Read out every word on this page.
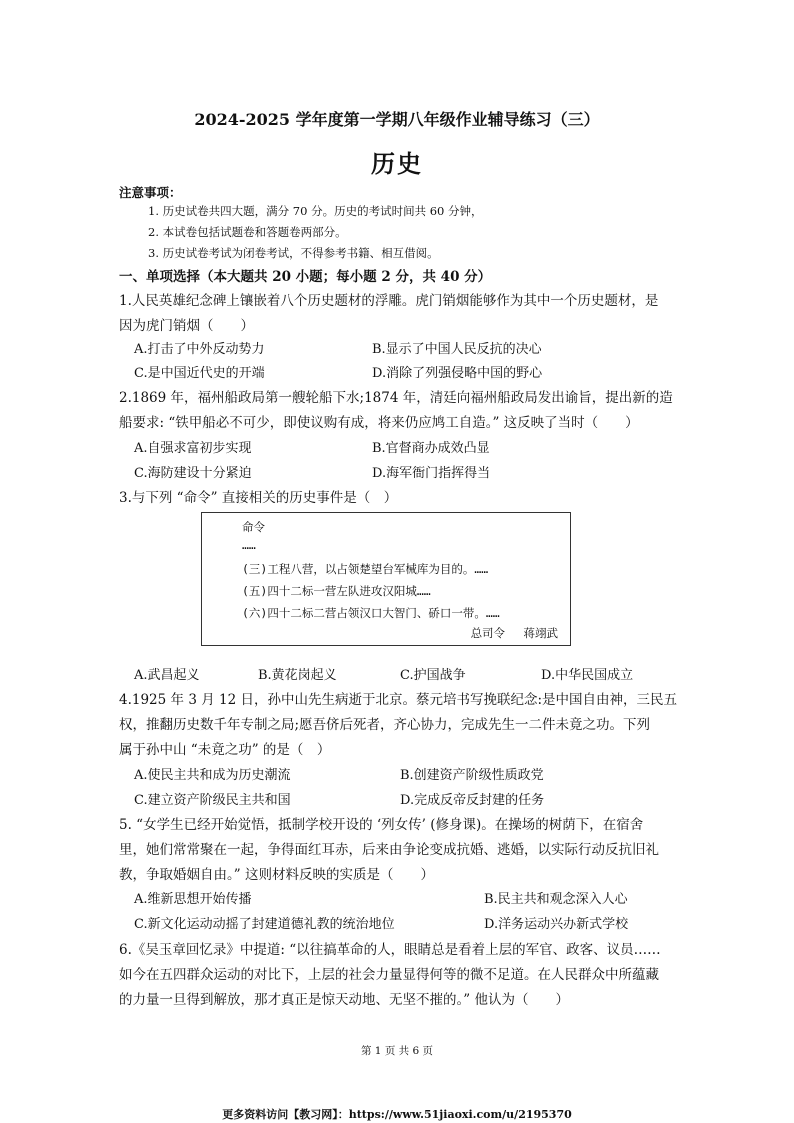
2024-2025 学年度第一学期八年级作业辅导练习（三）
历史
注意事项：
1. 历史试卷共四大题，满分 70 分。历史的考试时间共 60 分钟，
2. 本试卷包括试题卷和答题卷两部分。
3. 历史试卷考试为闭卷考试，不得参考书籍、相互借阅。
一、单项选择（本大题共 20 小题；每小题 2 分，共 40 分）
1.人民英雄纪念碑上镶嵌着八个历史题材的浮雕。虎门销烟能够作为其中一个历史题材，是
因为虎门销烟（　　）
A.打击了中外反动势力	B.显示了中国人民反抗的决心
C.是中国近代史的开端	D.消除了列强侵略中国的野心
2.1869 年，福州船政局第一艘轮船下水;1874 年，清廷向福州船政局发出谕旨，提出新的造
船要求: “铁甲船必不可少，即使议购有成，将来仍应鸠工自造。” 这反映了当时（　　）
A.自强求富初步实现	B.官督商办成效凸显
C.海防建设十分紧迫	D.海军衙门指挥得当
3.与下列 “命令” 直接相关的历史事件是（　）
命令
……
(三)工程八营，以占领楚望台军械库为目的。……
(五)四十二标一营左队进攻汉阳城……
(六)四十二标二营占领汉口大智门、硚口一带。……
总司令　 蒋翊武
A.武昌起义	B.黄花岗起义	C.护国战争	D.中华民国成立
4.1925 年 3 月 12 日，孙中山先生病逝于北京。蔡元培书写挽联纪念:是中国自由神，三民五
权，推翻历史数千年专制之局;愿吾侪后死者，齐心协力，完成先生一二件未竟之功。下列
属于孙中山 “未竟之功” 的是（　）
A.使民主共和成为历史潮流	B.创建资产阶级性质政党
C.建立资产阶级民主共和国	D.完成反帝反封建的任务
5. “女学生已经开始觉悟，抵制学校开设的 ‘列女传’ (修身课)。在操场的树荫下，在宿舍
里，她们常常聚在一起，争得面红耳赤，后来由争论变成抗婚、逃婚，以实际行动反抗旧礼
教，争取婚姻自由。” 这则材料反映的实质是（　　）
A.维新思想开始传播	B.民主共和观念深入人心
C.新文化运动动摇了封建道德礼教的统治地位	D.洋务运动兴办新式学校
6.《吴玉章回忆录》中提道: “以往搞革命的人，眼睛总是看着上层的军官、政客、议员……
如今在五四群众运动的对比下，上层的社会力量显得何等的微不足道。在人民群众中所蕴藏
的力量一旦得到解放，那才真正是惊天动地、无坚不摧的。” 他认为（　　）
第 1 页 共 6 页
更多资料访问【教习网】：https://www.51jiaoxi.com/u/2195370
